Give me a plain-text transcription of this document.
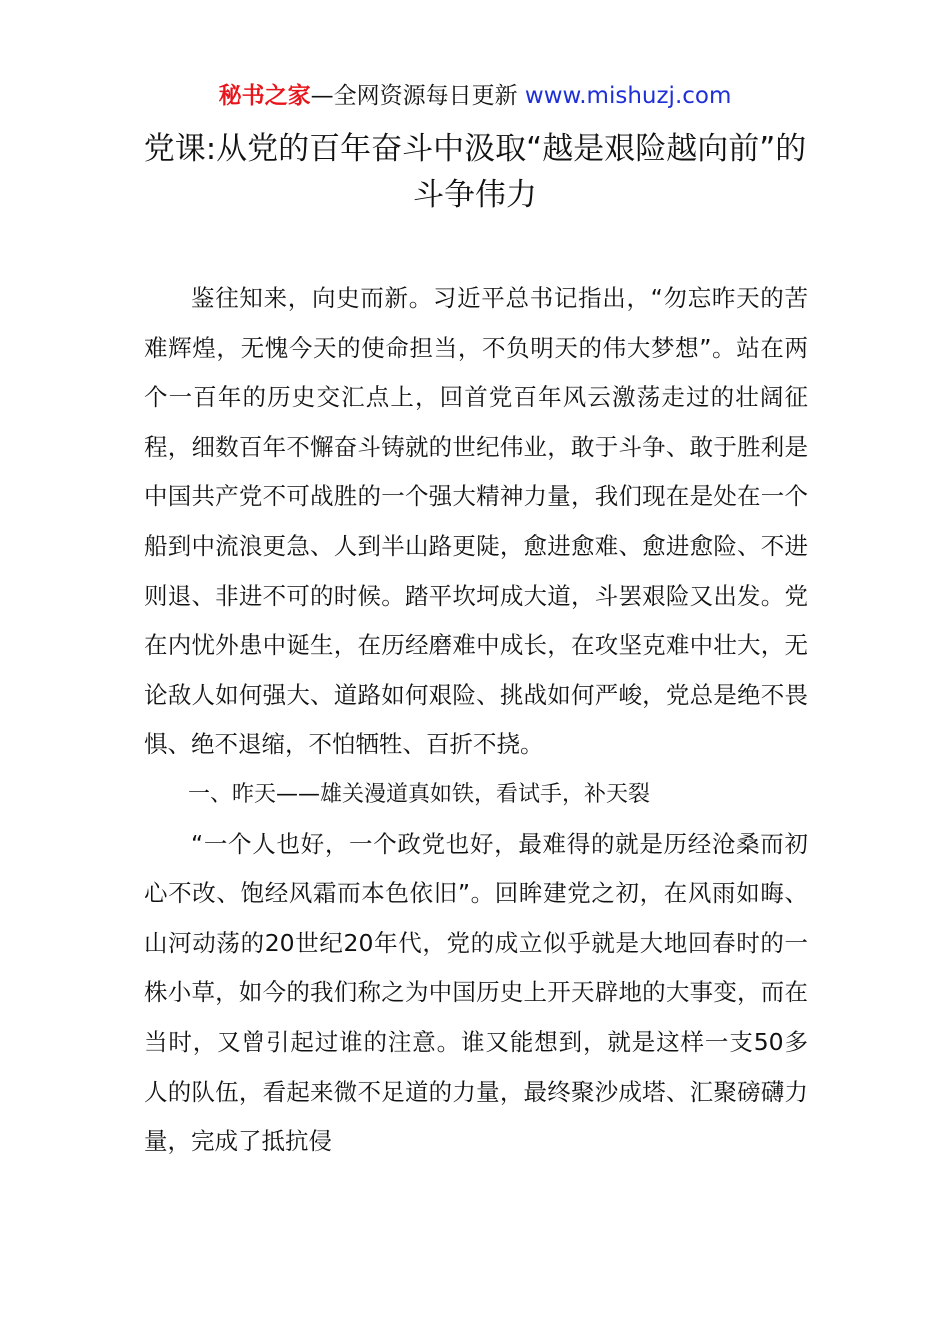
秘书之家—全网资源每日更新 www.mishuzj.com
党课:从党的百年奋斗中汲取“越是艰险越向前”的斗争伟力

鉴往知来，向史而新。习近平总书记指出，“勿忘昨天的苦难辉煌，无愧今天的使命担当，不负明天的伟大梦想”。站在两个一百年的历史交汇点上，回首党百年风云激荡走过的壮阔征程，细数百年不懈奋斗铸就的世纪伟业，敢于斗争、敢于胜利是中国共产党不可战胜的一个强大精神力量，我们现在是处在一个船到中流浪更急、人到半山路更陡，愈进愈难、愈进愈险、不进则退、非进不可的时候。踏平坎坷成大道，斗罢艰险又出发。党在内忧外患中诞生，在历经磨难中成长，在攻坚克难中壮大，无论敌人如何强大、道路如何艰险、挑战如何严峻，党总是绝不畏惧、绝不退缩，不怕牺牲、百折不挠。

一、昨天——雄关漫道真如铁，看试手，补天裂

“一个人也好，一个政党也好，最难得的就是历经沧桑而初心不改、饱经风霜而本色依旧”。回眸建党之初，在风雨如晦、山河动荡的20世纪20年代，党的成立似乎就是大地回春时的一株小草，如今的我们称之为中国历史上开天辟地的大事变，而在当时，又曾引起过谁的注意。谁又能想到，就是这样一支50多人的队伍，看起来微不足道的力量，最终聚沙成塔、汇聚磅礴力量，完成了抵抗侵
